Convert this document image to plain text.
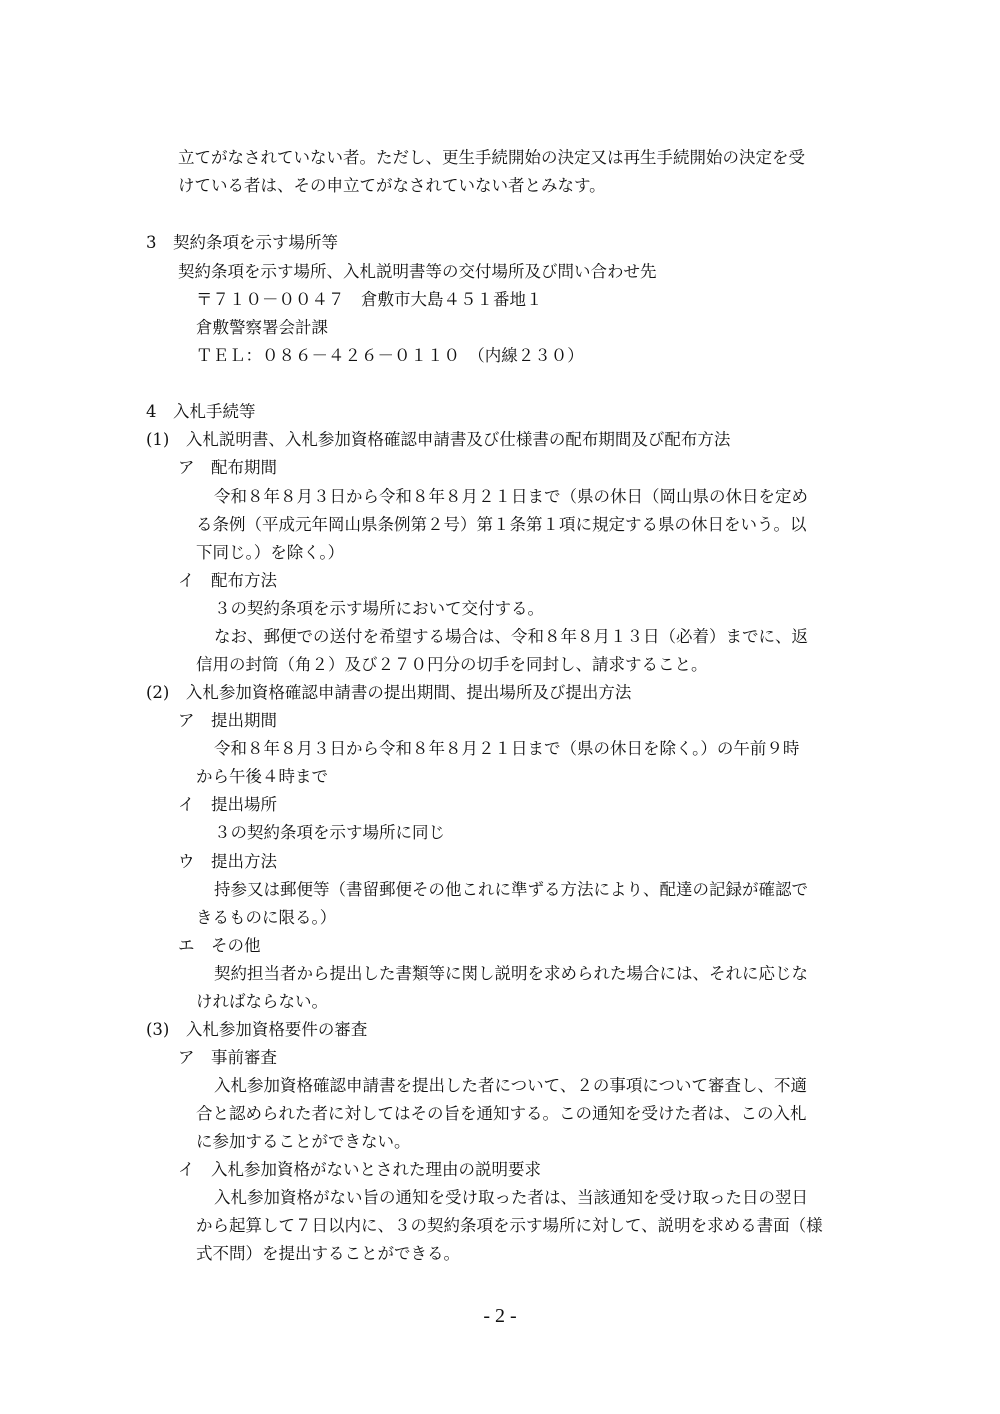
立てがなされていない者。ただし、更生手続開始の決定又は再生手続開始の決定を受
けている者は、その申立てがなされていない者とみなす。
3　契約条項を示す場所等
契約条項を示す場所、入札説明書等の交付場所及び問い合わせ先
〒７１０－００４７　倉敷市大島４５１番地１
倉敷警察署会計課
ＴＥＬ：０８６－４２６－０１１０　（内線２３０）
4　入札手続等
(1)　入札説明書、入札参加資格確認申請書及び仕様書の配布期間及び配布方法
ア　配布期間
令和８年８月３日から令和８年８月２１日まで（県の休日（岡山県の休日を定め
る条例（平成元年岡山県条例第２号）第１条第１項に規定する県の休日をいう。以
下同じ。）を除く。）
イ　配布方法
３の契約条項を示す場所において交付する。
なお、郵便での送付を希望する場合は、令和８年８月１３日（必着）までに、返
信用の封筒（角２）及び２７０円分の切手を同封し、請求すること。
(2)　入札参加資格確認申請書の提出期間、提出場所及び提出方法
ア　提出期間
令和８年８月３日から令和８年８月２１日まで（県の休日を除く。）の午前９時
から午後４時まで
イ　提出場所
３の契約条項を示す場所に同じ
ウ　提出方法
持参又は郵便等（書留郵便その他これに準ずる方法により、配達の記録が確認で
きるものに限る。）
エ　その他
契約担当者から提出した書類等に関し説明を求められた場合には、それに応じな
ければならない。
(3)　入札参加資格要件の審査
ア　事前審査
入札参加資格確認申請書を提出した者について、２の事項について審査し、不適
合と認められた者に対してはその旨を通知する。この通知を受けた者は、この入札
に参加することができない。
イ　入札参加資格がないとされた理由の説明要求
入札参加資格がない旨の通知を受け取った者は、当該通知を受け取った日の翌日
から起算して７日以内に、３の契約条項を示す場所に対して、説明を求める書面（様
式不問）を提出することができる。
- 2 -
